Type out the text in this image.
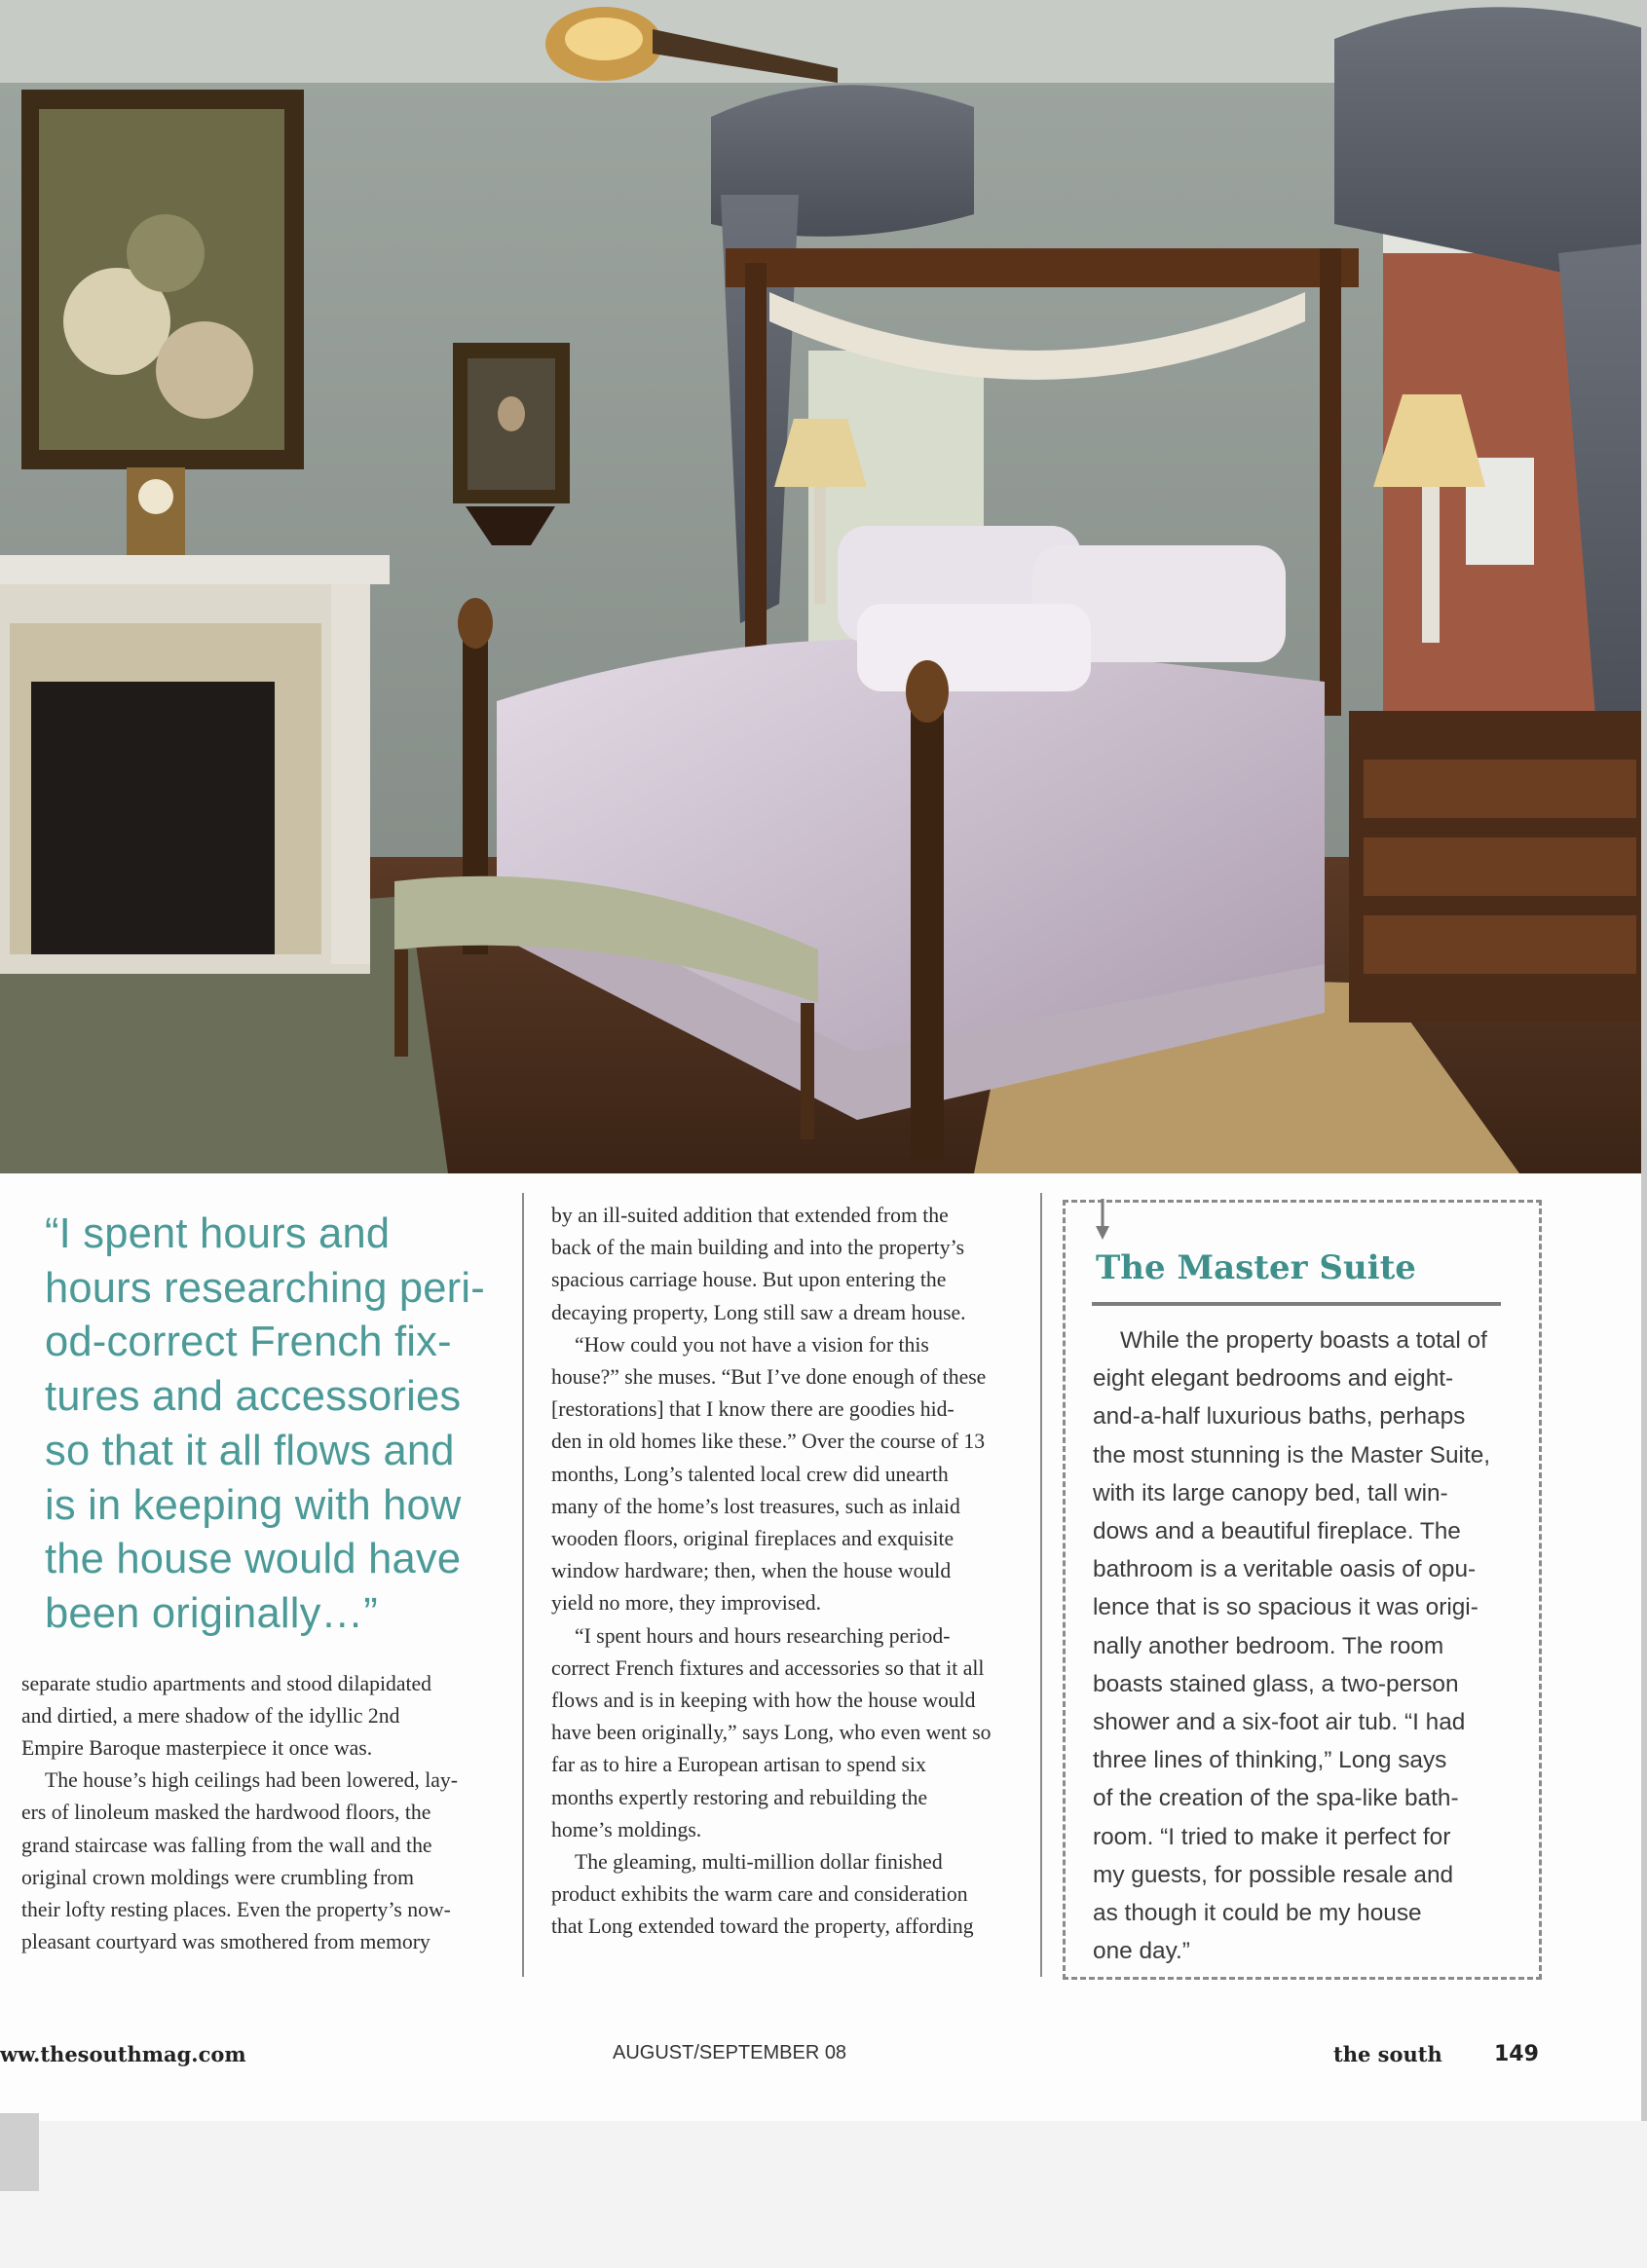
“I spent hours and
hours researching peri-
od-correct French fix-
tures and accessories
so that it all flows and
is in keeping with how
the house would have
been originally…”
separate studio apartments and stood dilapidated
and dirtied, a mere shadow of the idyllic 2nd
Empire Baroque masterpiece it once was.
The house’s high ceilings had been lowered, lay-
ers of linoleum masked the hardwood floors, the
grand staircase was falling from the wall and the
original crown moldings were crumbling from
their lofty resting places. Even the property’s now-
pleasant courtyard was smothered from memory
by an ill-suited addition that extended from the
back of the main building and into the property’s
spacious carriage house. But upon entering the
decaying property, Long still saw a dream house.
“How could you not have a vision for this
house?” she muses. “But I’ve done enough of these
[restorations] that I know there are goodies hid-
den in old homes like these.” Over the course of 13
months, Long’s talented local crew did unearth
many of the home’s lost treasures, such as inlaid
wooden floors, original fireplaces and exquisite
window hardware; then, when the house would
yield no more, they improvised.
“I spent hours and hours researching period-
correct French fixtures and accessories so that it all
flows and is in keeping with how the house would
have been originally,” says Long, who even went so
far as to hire a European artisan to spend six
months expertly restoring and rebuilding the
home’s moldings.
The gleaming, multi-million dollar finished
product exhibits the warm care and consideration
that Long extended toward the property, affording
The Master Suite
While the property boasts a total of
eight elegant bedrooms and eight-
and-a-half luxurious baths, perhaps
the most stunning is the Master Suite,
with its large canopy bed, tall win-
dows and a beautiful fireplace. The
bathroom is a veritable oasis of opu-
lence that is so spacious it was origi-
nally another bedroom. The room
boasts stained glass, a two-person
shower and a six-foot air tub. “I had
three lines of thinking,” Long says
of the creation of the spa-like bath-
room. “I tried to make it perfect for
my guests, for possible resale and
as though it could be my house
one day.”
ww.thesouthmag.com	AUGUST/SEPTEMBER 08	the south 149
